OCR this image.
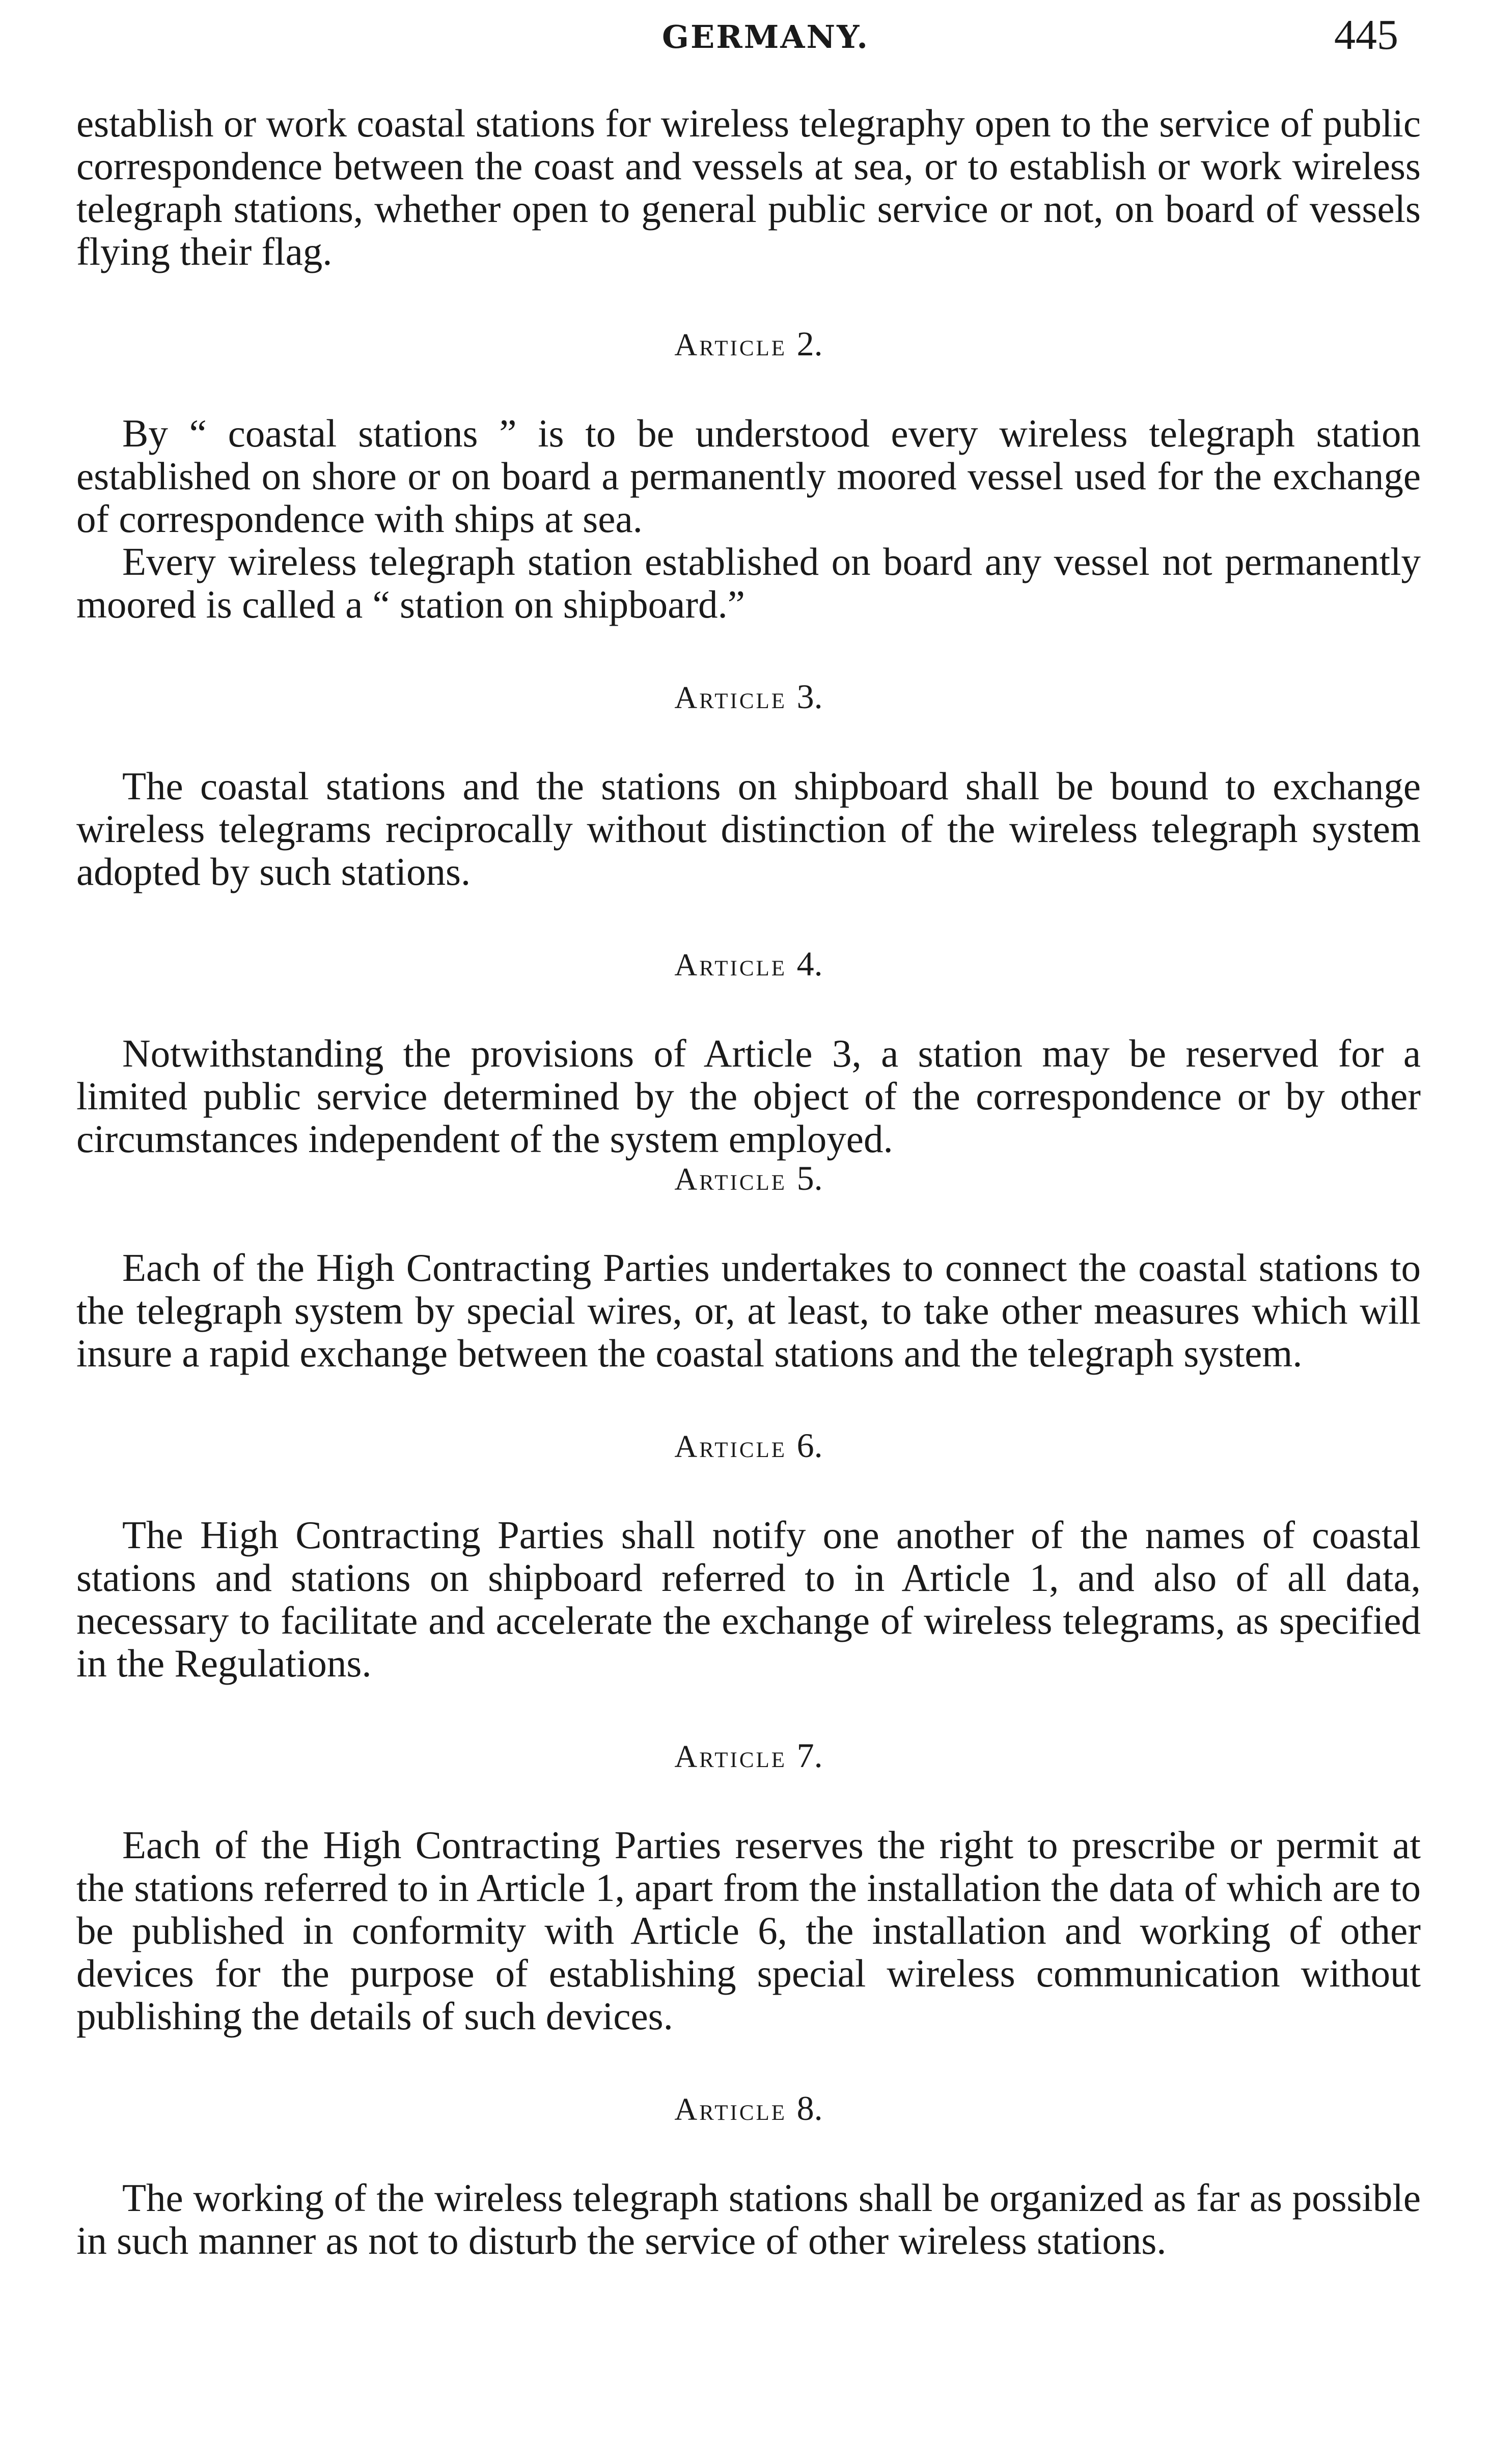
GERMANY.	445

establish or work coastal stations for wireless telegraphy open to the service of public correspondence between the coast and vessels at sea, or to establish or work wireless telegraph stations, whether open to general public service or not, on board of vessels flying their flag.

Article 2.

By “ coastal stations ” is to be understood every wireless telegraph station established on shore or on board a permanently moored vessel used for the exchange of correspondence with ships at sea.

Every wireless telegraph station established on board any vessel not permanently moored is called a “ station on shipboard.”

Article 3.

The coastal stations and the stations on shipboard shall be bound to exchange wireless telegrams reciprocally without distinction of the wireless telegraph system adopted by such stations.

Article 4.

Notwithstanding the provisions of Article 3, a station may be reserved for a limited public service determined by the object of the correspondence or by other circumstances independent of the system employed.

Article 5.

Each of the High Contracting Parties undertakes to connect the coastal stations to the telegraph system by special wires, or, at least, to take other measures which will insure a rapid exchange between the coastal stations and the telegraph system.

Article 6.

The High Contracting Parties shall notify one another of the names of coastal stations and stations on shipboard referred to in Article 1, and also of all data, necessary to facilitate and accelerate the exchange of wireless telegrams, as specified in the Regulations.

Article 7.

Each of the High Contracting Parties reserves the right to prescribe or permit at the stations referred to in Article 1, apart from the installation the data of which are to be published in conformity with Article 6, the installation and working of other devices for the purpose of establishing special wireless communication without publishing the details of such devices.

Article 8.

The working of the wireless telegraph stations shall be organized as far as possible in such manner as not to disturb the service of other wireless stations.
